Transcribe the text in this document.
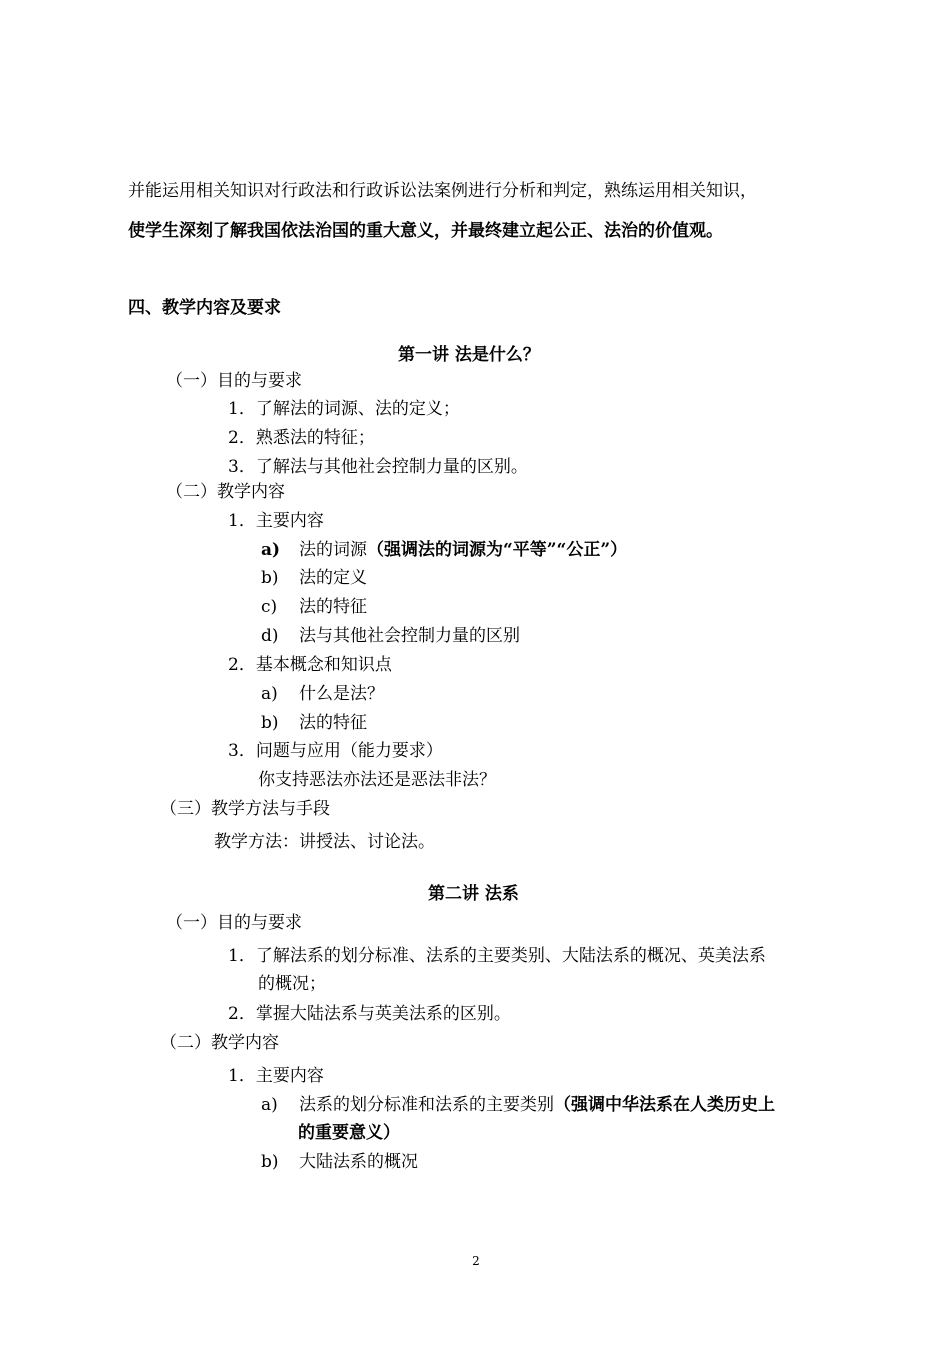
并能运用相关知识对行政法和行政诉讼法案例进行分析和判定，熟练运用相关知识，
使学生深刻了解我国依法治国的重大意义，并最终建立起公正、法治的价值观。
四、教学内容及要求
第一讲 法是什么？
（一）目的与要求
1．了解法的词源、法的定义；
2．熟悉法的特征；
3．了解法与其他社会控制力量的区别。
（二）教学内容
1．主要内容
a) 法的词源（强调法的词源为“平等”“公正”）
b) 法的定义
c) 法的特征
d) 法与其他社会控制力量的区别
2．基本概念和知识点
a) 什么是法？
b) 法的特征
3．问题与应用（能力要求）
你支持恶法亦法还是恶法非法？
（三）教学方法与手段
教学方法：讲授法、讨论法。
第二讲 法系
（一）目的与要求
1．了解法系的划分标准、法系的主要类别、大陆法系的概况、英美法系
的概况；
2．掌握大陆法系与英美法系的区别。
（二）教学内容
1．主要内容
a) 法系的划分标准和法系的主要类别（强调中华法系在人类历史上
的重要意义）
b) 大陆法系的概况
2
